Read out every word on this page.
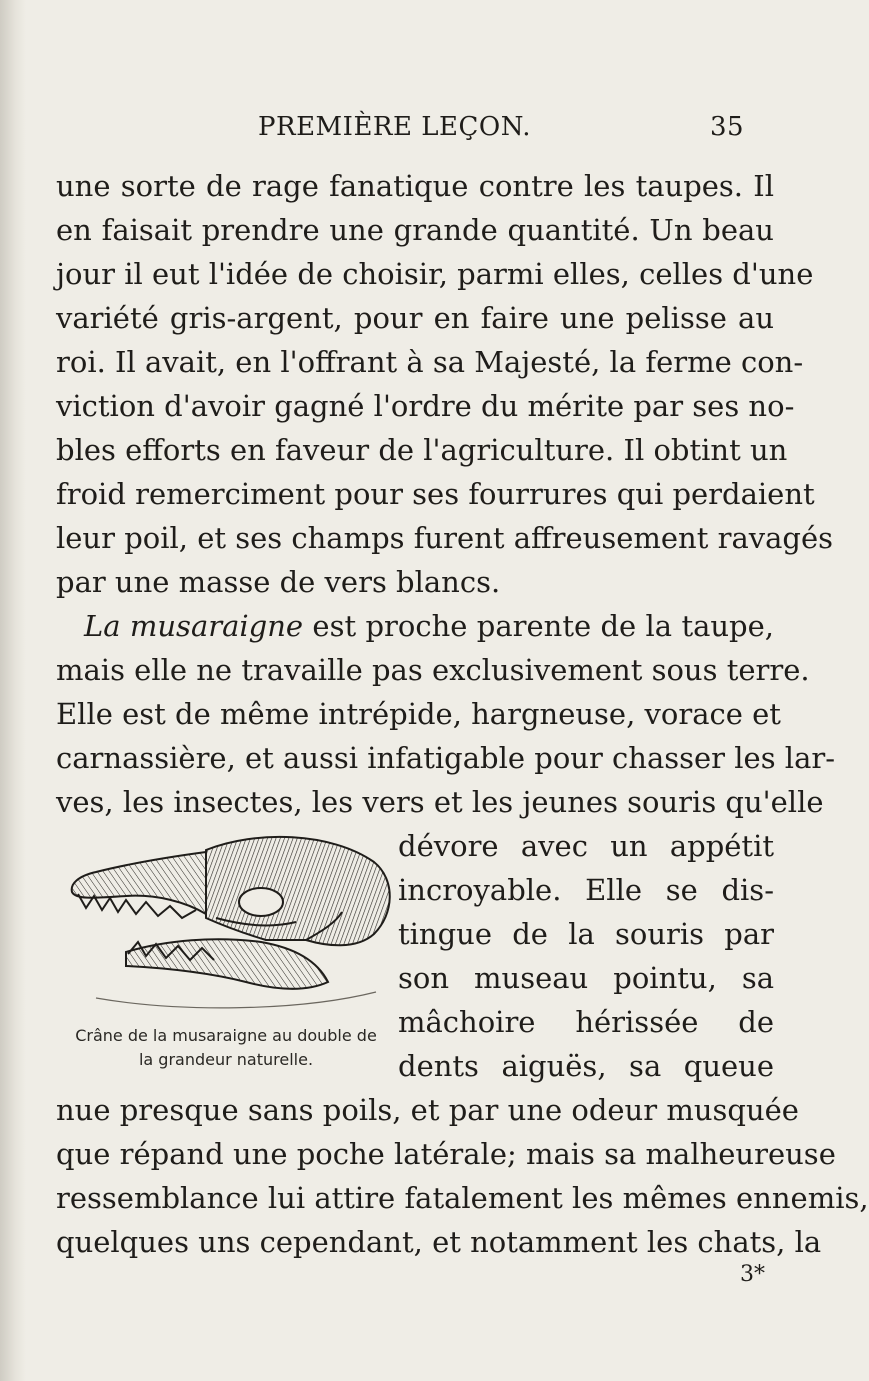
PREMIÈRE LEÇON.	35
une sorte de rage fanatique contre les taupes. Il
en faisait prendre une grande quantité. Un beau
jour il eut l'idée de choisir, parmi elles, celles d'une
variété gris-argent, pour en faire une pelisse au
roi. Il avait, en l'offrant à sa Majesté, la ferme con-
viction d'avoir gagné l'ordre du mérite par ses no-
bles efforts en faveur de l'agriculture. Il obtint un
froid remerciment pour ses fourrures qui perdaient
leur poil, et ses champs furent affreusement ravagés
par une masse de vers blancs.
La musaraigne est proche parente de la taupe,
mais elle ne travaille pas exclusivement sous terre.
Elle est de même intrépide, hargneuse, vorace et
carnassière, et aussi infatigable pour chasser les lar-
ves, les insectes, les vers et les jeunes souris qu'elle
dévore avec un appétit
incroyable. Elle se dis-
tingue de la souris par
son museau pointu, sa
mâchoire hérissée de
dents aiguës, sa queue
Crâne de la musaraigne au double de
la grandeur naturelle.
nue presque sans poils, et par une odeur musquée
que répand une poche latérale; mais sa malheureuse
ressemblance lui attire fatalement les mêmes ennemis,
quelques uns cependant, et notamment les chats, la
3*
